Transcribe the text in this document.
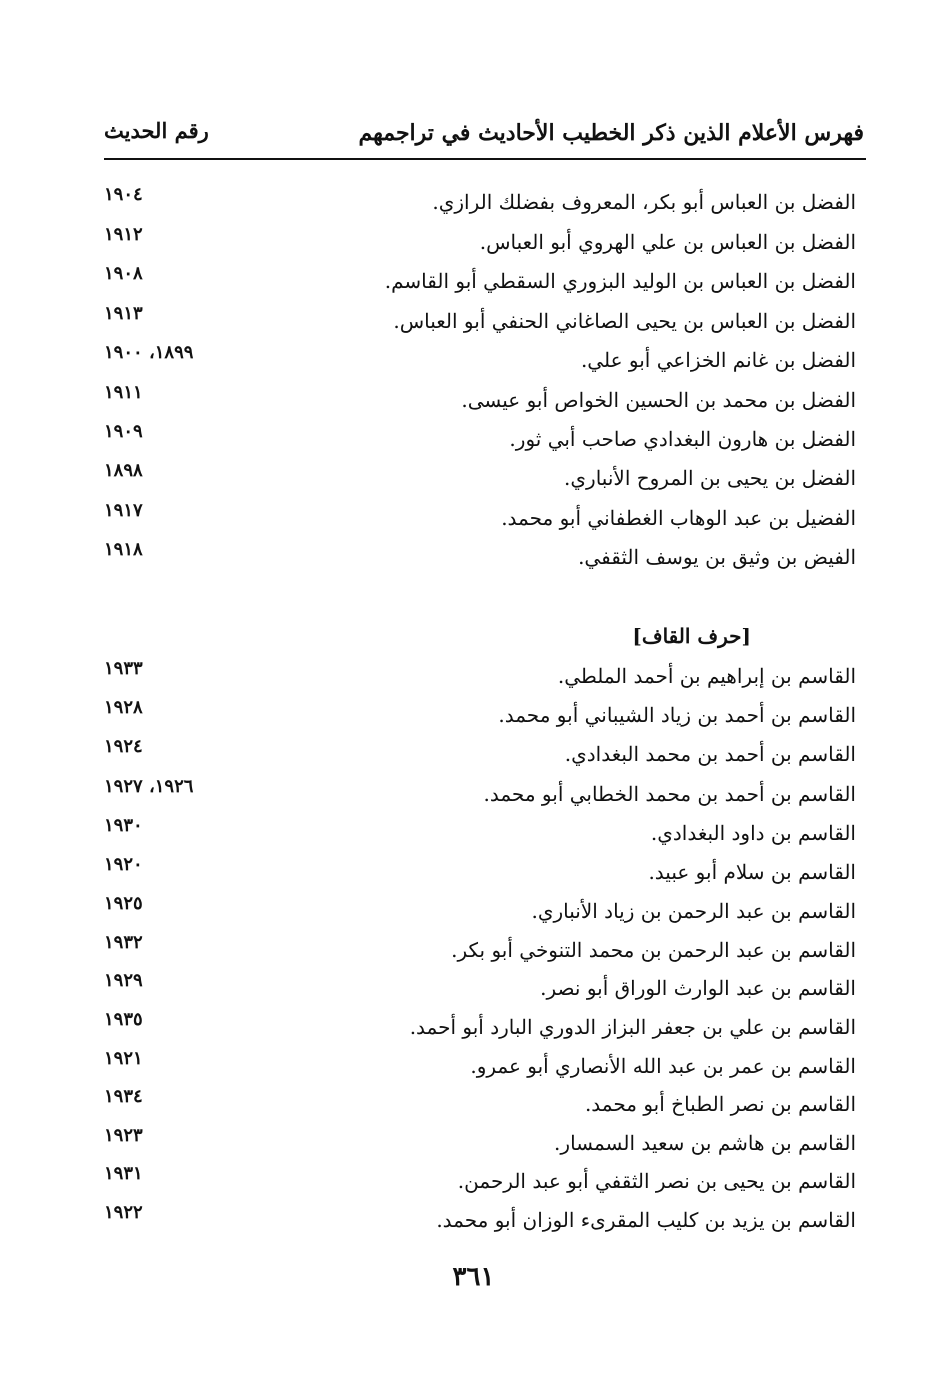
فهرس الأعلام الذين ذكر الخطيب الأحاديث في تراجمهم
رقم الحديث
الفضل بن العباس أبو بكر، المعروف بفضلك الرازي.
١٩٠٤
الفضل بن العباس بن علي الهروي أبو العباس.
١٩١٢
الفضل بن العباس بن الوليد البزوري السقطي أبو القاسم.
١٩٠٨
الفضل بن العباس بن يحيى الصاغاني الحنفي أبو العباس.
١٩١٣
الفضل بن غانم الخزاعي أبو علي.
١٨٩٩، ١٩٠٠
الفضل بن محمد بن الحسين الخواص أبو عيسى.
١٩١١
الفضل بن هارون البغدادي صاحب أبي ثور.
١٩٠٩
الفضل بن يحيى بن المروح الأنباري.
١٨٩٨
الفضيل بن عبد الوهاب الغطفاني أبو محمد.
١٩١٧
الفيض بن وثيق بن يوسف الثقفي.
١٩١٨
[حرف القاف]
القاسم بن إبراهيم بن أحمد الملطي.
١٩٣٣
القاسم بن أحمد بن زياد الشيباني أبو محمد.
١٩٢٨
القاسم بن أحمد بن محمد البغدادي.
١٩٢٤
القاسم بن أحمد بن محمد الخطابي أبو محمد.
١٩٢٦، ١٩٢٧
القاسم بن داود البغدادي.
١٩٣٠
القاسم بن سلام أبو عبيد.
١٩٢٠
القاسم بن عبد الرحمن بن زياد الأنباري.
١٩٢٥
القاسم بن عبد الرحمن بن محمد التنوخي أبو بكر.
١٩٣٢
القاسم بن عبد الوارث الوراق أبو نصر.
١٩٢٩
القاسم بن علي بن جعفر البزاز الدوري البارد أبو أحمد.
١٩٣٥
القاسم بن عمر بن عبد الله الأنصاري أبو عمرو.
١٩٢١
القاسم بن نصر الطباخ أبو محمد.
١٩٣٤
القاسم بن هاشم بن سعيد السمسار.
١٩٢٣
القاسم بن يحيى بن نصر الثقفي أبو عبد الرحمن.
١٩٣١
القاسم بن يزيد بن كليب المقرىء الوزان أبو محمد.
١٩٢٢
٣٦١
